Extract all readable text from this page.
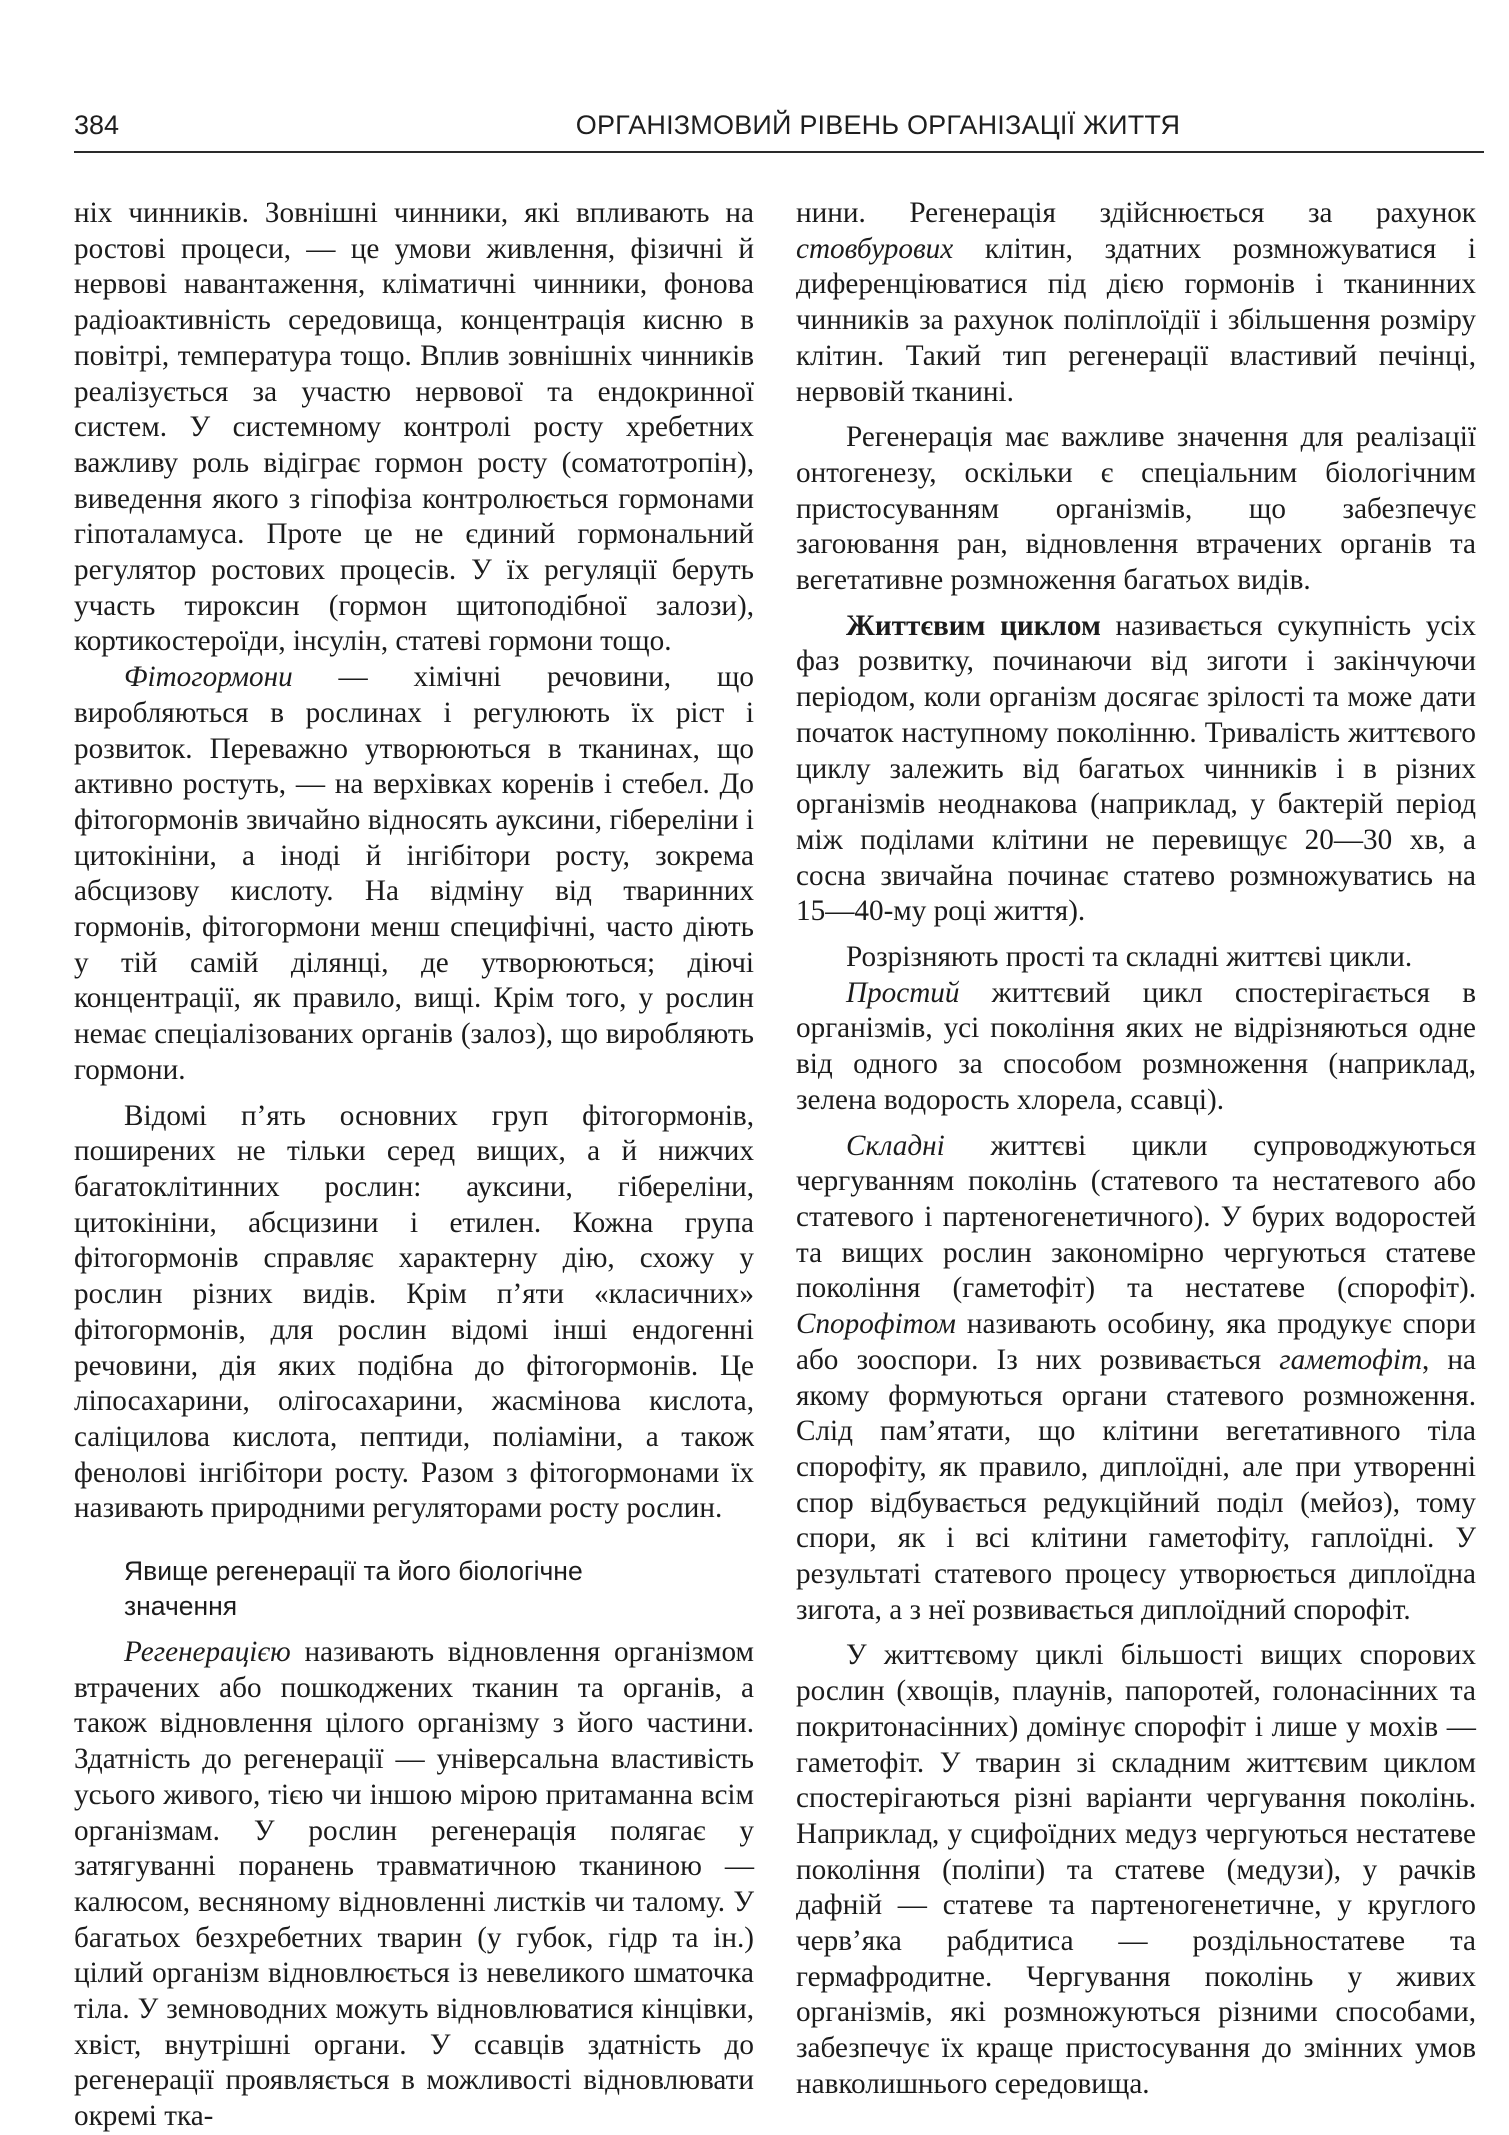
384	ОРГАНІЗМОВИЙ РІВЕНЬ ОРГАНІЗАЦІЇ ЖИТТЯ

ніх чинників. Зовнішні чинники, які впливають на ростові процеси, — це умови живлення, фізичні й нервові навантаження, кліматичні чинники, фонова радіоактивність середовища, концентрація кисню в повітрі, температура тощо. Вплив зовнішніх чинників реалізується за участю нервової та ендокринної систем. У системному контролі росту хребетних важливу роль відіграє гормон росту (соматотропін), виведення якого з гіпофіза контролюється гормонами гіпоталамуса. Проте це не єдиний гормональний регулятор ростових процесів. У їх регуляції беруть участь тироксин (гормон щитоподібної залози), кортикостероїди, інсулін, статеві гормони тощо.

Фітогормони — хімічні речовини, що виробляються в рослинах і регулюють їх ріст і розвиток. Переважно утворюються в тканинах, що активно ростуть, — на верхівках коренів і стебел. До фітогормонів звичайно відносять ауксини, гібереліни і цитокініни, а іноді й інгібітори росту, зокрема абсцизову кислоту. На відміну від тваринних гормонів, фітогормони менш специфічні, часто діють у тій самій ділянці, де утворюються; діючі концентрації, як правило, вищі. Крім того, у рослин немає спеціалізованих органів (залоз), що виробляють гормони.

Відомі п’ять основних груп фітогормонів, поширених не тільки серед вищих, а й нижчих багатоклітинних рослин: ауксини, гібереліни, цитокініни, абсцизини і етилен. Кожна група фітогормонів справляє характерну дію, схожу у рослин різних видів. Крім п’яти «класичних» фітогормонів, для рослин відомі інші ендогенні речовини, дія яких подібна до фітогормонів. Це ліпосахарини, олігосахарини, жасмінова кислота, саліцилова кислота, пептиди, поліаміни, а також фенолові інгібітори росту. Разом з фітогормонами їх називають природними регуляторами росту рослин.

Явище регенерації та його біологічне значення

Регенерацією називають відновлення організмом втрачених або пошкоджених тканин та органів, а також відновлення цілого організму з його частини. Здатність до регенерації — універсальна властивість усього живого, тією чи іншою мірою притаманна всім організмам. У рослин регенерація полягає у затягуванні поранень травматичною тканиною — калюсом, весняному відновленні листків чи талому. У багатьох безхребетних тварин (у губок, гідр та ін.) цілий організм відновлюється із невеликого шматочка тіла. У земноводних можуть відновлюватися кінцівки, хвіст, внутрішні органи. У ссавців здатність до регенерації проявляється в можливості відновлювати окремі тка-

нини. Регенерація здійснюється за рахунок стовбурових клітин, здатних розмножуватися і диференціюватися під дією гормонів і тканинних чинників за рахунок поліплоїдії і збільшення розміру клітин. Такий тип регенерації властивий печінці, нервовій тканині.

Регенерація має важливе значення для реалізації онтогенезу, оскільки є спеціальним біологічним пристосуванням організмів, що забезпечує загоювання ран, відновлення втрачених органів та вегетативне розмноження багатьох видів.

Життєвим циклом називається сукупність усіх фаз розвитку, починаючи від зиготи і закінчуючи періодом, коли організм досягає зрілості та може дати початок наступному поколінню. Тривалість життєвого циклу залежить від багатьох чинників і в різних організмів неоднакова (наприклад, у бактерій період між поділами клітини не перевищує 20—30 хв, а сосна звичайна починає статево розмножуватись на 15—40-му році життя).

Розрізняють прості та складні життєві цикли.

Простий життєвий цикл спостерігається в організмів, усі покоління яких не відрізняються одне від одного за способом розмноження (наприклад, зелена водорость хлорела, ссавці).

Складні життєві цикли супроводжуються чергуванням поколінь (статевого та нестатевого або статевого і партеногенетичного). У бурих водоростей та вищих рослин закономірно чергуються статеве покоління (гаметофіт) та нестатеве (спорофіт). Спорофітом називають особину, яка продукує спори або зооспори. Із них розвивається гаметофіт, на якому формуються органи статевого розмноження. Слід пам’ятати, що клітини вегетативного тіла спорофіту, як правило, диплоїдні, але при утворенні спор відбувається редукційний поділ (мейоз), тому спори, як і всі клітини гаметофіту, гаплоїдні. У результаті статевого процесу утворюється диплоїдна зигота, а з неї розвивається диплоїдний спорофіт.

У життєвому циклі більшості вищих спорових рослин (хвощів, плаунів, папоротей, голонасінних та покритонасінних) домінує спорофіт і лише у мохів — гаметофіт. У тварин зі складним життєвим циклом спостерігаються різні варіанти чергування поколінь. Наприклад, у сцифоїдних медуз чергуються нестатеве покоління (поліпи) та статеве (медузи), у рачків дафній — статеве та партеногенетичне, у круглого черв’яка рабдитиса — роздільностатеве та гермафродитне. Чергування поколінь у живих організмів, які розмножуються різними способами, забезпечує їх краще пристосування до змінних умов навколишнього середовища.
